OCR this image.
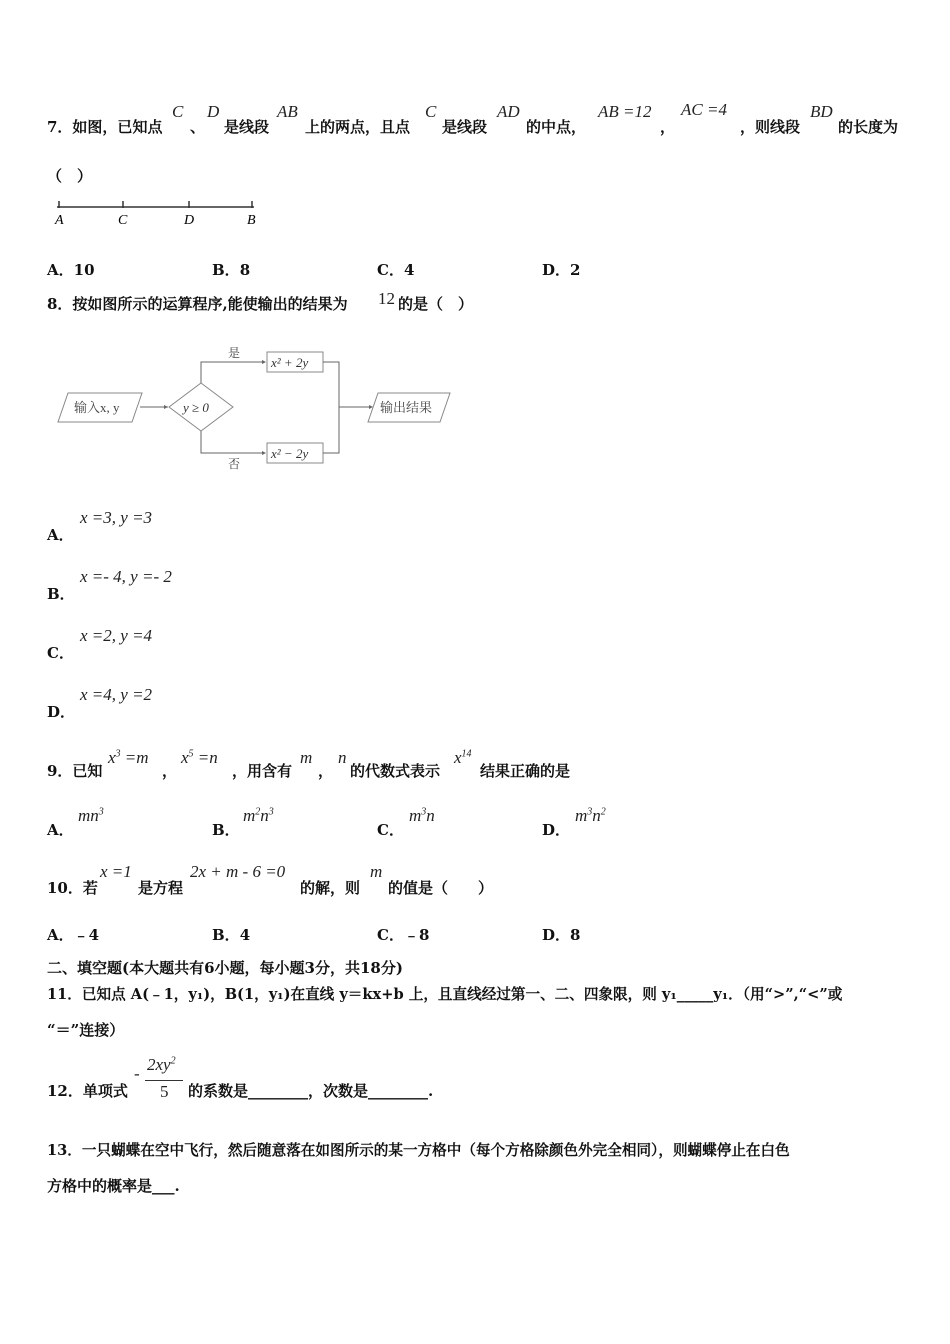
7．如图，已知点
C
、
D
是线段
AB
上的两点，且点
C
是线段
AD
的中点，
AB =12
，
AC =4
，则线段
BD
的长度为
（　）
A	C	D	B
A．10	B．8	C．4	D．2
8．按如图所示的运算程序,能使输出的结果为 12 的是（　）
输入x, y	y ≥ 0
是
否
x² + 2y
x² − 2y
输出结果
A．
x =3, y =3
B．
x =- 4, y =- 2
C．
x =2, y =4
D．
x =4, y =2
9．已知
$x^3 =m$
，
$x^5 =n$
，用含有
m
，
n
的代数式表示
$x^{14}$
结果正确的是
A．
$mn^3$
B．
$m^2n^3$
C．
$m^3n$
D．
$m^3n^2$
10．若
x =1
是方程
2x + m - 6 =0
的解，则
m
的值是（　　）
A．﹣4	B．4	C．﹣8	D．8
二、填空题(本大题共有6小题，每小题3分，共18分)
11．已知点 A(﹣1，y₁)，B(1，y₁)在直线 y＝kx+b 上，且直线经过第一、二、四象限，则 y₁_____y₁．（用“>”,“<”或
“＝”连接）
12．单项式
- $2xy^2$
5 的系数是________，次数是________.
13．一只蝴蝶在空中飞行，然后随意落在如图所示的某一方格中（每个方格除颜色外完全相同），则蝴蝶停止在白色
方格中的概率是___.
